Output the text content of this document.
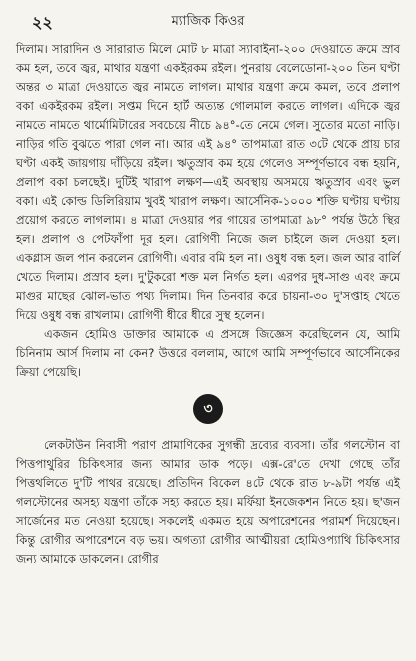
২২	ম্যাজিক কিওর

দিলাম। সারাদিন ও সারারাত মিলে মোট ৮ মাত্রা স্যাবাইনা-২০০ দেওয়াতে ক্রমে স্রাব কম হল, তবে জ্বর, মাথার যন্ত্রণা একইরকম রইল। পুনরায় বেলেডোনা-২০০ তিন ঘণ্টা অন্তর ৩ মাত্রা দেওয়াতে জ্বর নামতে লাগল। মাথার যন্ত্রণা ক্রমে কমল, তবে প্রলাপ বকা একইরকম রইল। সপ্তম দিনে হার্ট অত্যন্ত গোলমাল করতে লাগল। এদিকে জ্বর নামতে নামতে থার্মোমিটারের সবচেয়ে নীচে ৯৪°-তে নেমে গেল। সুতোর মতো নাড়ি। নাড়ির গতি বুঝতে পারা গেল না। আর এই ৯৪° তাপমাত্রা রাত ৩টে থেকে প্রায় চার ঘণ্টা একই জায়গায় দাঁড়িয়ে রইল। ঋতুস্রাব কম হয়ে গেলেও সম্পূর্ণভাবে বন্ধ হয়নি, প্রলাপ বকা চলছেই। দুটিই খারাপ লক্ষণ—এই অবস্থায় অসময়ে ঋতুস্রাব এবং ভুল বকা। এই কোল্ড ডিলিরিয়াম খুবই খারাপ লক্ষণ। আর্সেনিক-১০০০ শক্তি ঘণ্টায় ঘণ্টায় প্রয়োগ করতে লাগলাম। ৪ মাত্রা দেওয়ার পর গায়ের তাপমাত্রা ৯৮° পর্যন্ত উঠে স্থির হল। প্রলাপ ও পেটফাঁপা দূর হল। রোগিণী নিজে জল চাইলে জল দেওয়া হল। একগ্লাস জল পান করলেন রোগিণী। এবার বমি হল না। ওষুধ বন্ধ হল। জল আর বার্লি খেতে দিলাম। প্রস্রাব হল। দু'টুকরো শক্ত মল নির্গত হল। এরপর দুধ-সাগু এবং ক্রমে মাগুর মাছের ঝোল-ভাত পথ্য দিলাম। দিন তিনবার করে চায়না-৩০ দু'সপ্তাহ খেতে দিয়ে ওষুধ বন্ধ রাখলাম। রোগিণী ধীরে ধীরে সুস্থ হলেন।

একজন হোমিও ডাক্তার আমাকে এ প্রসঙ্গে জিজ্ঞেস করেছিলেন যে, আমি চিনিনাম আর্স দিলাম না কেন? উত্তরে বললাম, আগে আমি সম্পূর্ণভাবে আর্সেনিকের ক্রিয়া পেয়েছি।

৩

লেকটাউন নিবাসী পরাণ প্রামাণিকের সুগন্ধী দ্রব্যের ব্যবসা। তাঁর গলস্টোন বা পিত্তপাথুরির চিকিৎসার জন্য আমার ডাক পড়ে। এক্স-রে'তে দেখা গেছে তাঁর পিত্তথলিতে দু'টি পাথর রয়েছে। প্রতিদিন বিকেল ৪টে থেকে রাত ৮-৯টা পর্যন্ত এই গলস্টোনের অসহ্য যন্ত্রণা তাঁকে সহ্য করতে হয়। মর্ফিয়া ইনজেকশন নিতে হয়। ছ'জন সার্জেনের মত নেওয়া হয়েছে। সকলেই একমত হয়ে অপারেশনের পরামর্শ দিয়েছেন। কিন্তু রোগীর অপারেশনে বড় ভয়। অগত্যা রোগীর আত্মীয়রা হোমিওপ্যাথি চিকিৎসার জন্য আমাকে ডাকলেন। রোগীর
